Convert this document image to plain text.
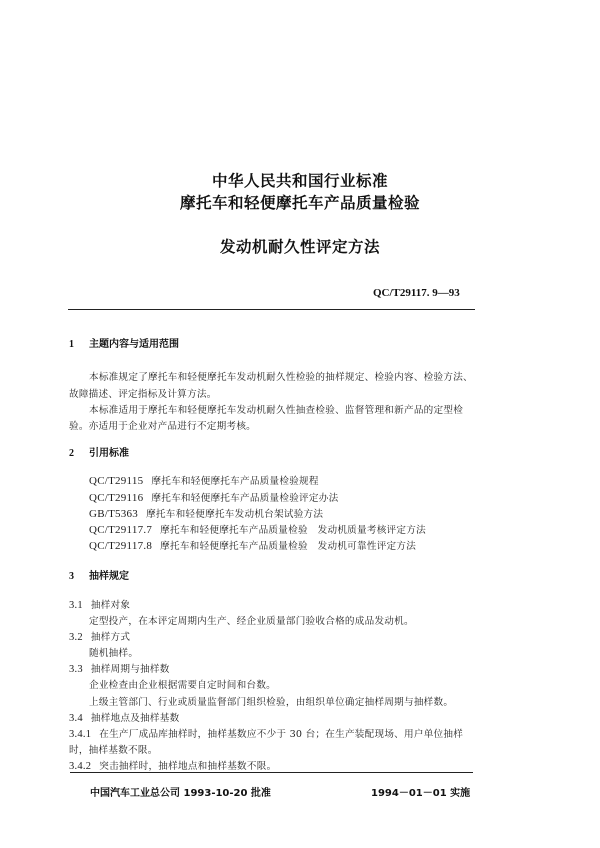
中华人民共和国行业标准
摩托车和轻便摩托车产品质量检验
发动机耐久性评定方法
QC/T29117. 9—93
1 主题内容与适用范围
本标准规定了摩托车和轻便摩托车发动机耐久性检验的抽样规定、检验内容、检验方法、
故障描述、评定指标及计算方法。
本标准适用于摩托车和轻便摩托车发动机耐久性抽查检验、监督管理和新产品的定型检
验。亦适用于企业对产品进行不定期考核。
2 引用标准
QC/T29115 摩托车和轻便摩托车产品质量检验规程
QC/T29116 摩托车和轻便摩托车产品质量检验评定办法
GB/T5363 摩托车和轻便摩托车发动机台架试验方法
QC/T29117.7 摩托车和轻便摩托车产品质量检验　发动机质量考核评定方法
QC/T29117.8 摩托车和轻便摩托车产品质量检验　发动机可靠性评定方法
3 抽样规定
3.1 抽样对象
定型投产，在本评定周期内生产、经企业质量部门验收合格的成品发动机。
3.2 抽样方式
随机抽样。
3.3 抽样周期与抽样数
企业检查由企业根据需要自定时间和台数。
上级主管部门、行业或质量监督部门组织检验，由组织单位确定抽样周期与抽样数。
3.4 抽样地点及抽样基数
3.4.1 在生产厂成品库抽样时，抽样基数应不少于 30 台；在生产装配现场、用户单位抽样
时，抽样基数不限。
3.4.2 突击抽样时，抽样地点和抽样基数不限。
中国汽车工业总公司 1993-10-20 批准	1994－01－01 实施
